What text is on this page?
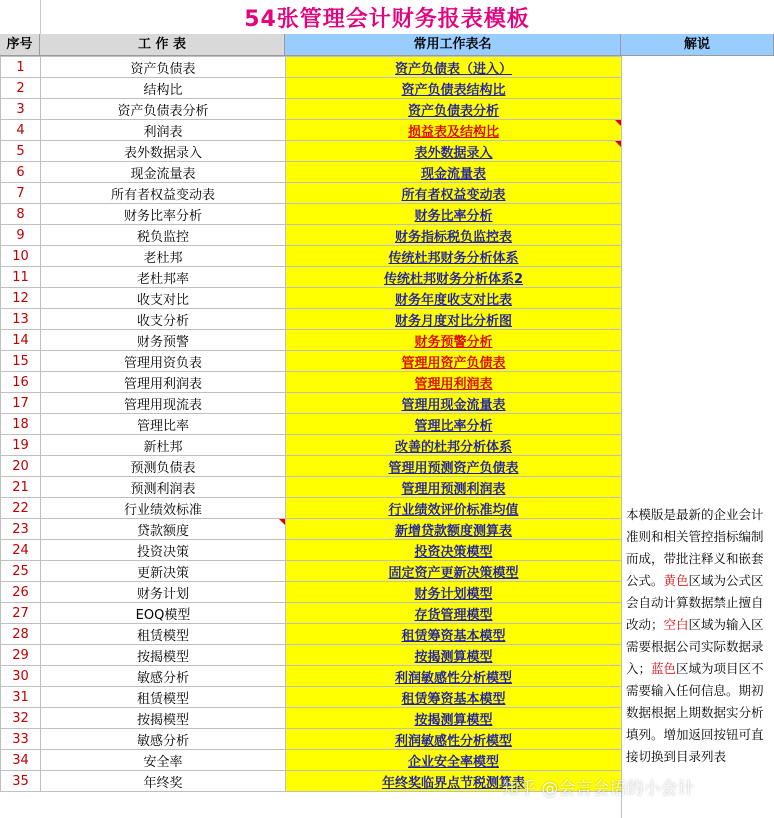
54张管理会计财务报表模板
序号	工 作 表	常用工作表名	解说
1	资产负债表	资产负债表（进入）
2	结构比	资产负债表结构比
3	资产负债表分析	资产负债表分析
4	利润表	损益表及结构比

5	表外数据录入	表外数据录入

6	现金流量表	现金流量表
7	所有者权益变动表	所有者权益变动表
8	财务比率分析	财务比率分析
9	税负监控	财务指标税负监控表
10	老杜邦	传统杜邦财务分析体系
11	老杜邦率	传统杜邦财务分析体系2
12	收支对比	财务年度收支对比表
13	收支分析	财务月度对比分析图
14	财务预警	财务预警分析
15	管理用资负表	管理用资产负债表
16	管理用利润表	管理用利润表
17	管理用现流表	管理用现金流量表
18	管理比率	管理比率分析
19	新杜邦	改善的杜邦分析体系
20	预测负债表	管理用预测资产负债表
21	预测利润表	管理用预测利润表
22	行业绩效标准	行业绩效评价标准均值
23	贷款额度	新增贷款额度测算表
24	投资决策	投资决策模型
25	更新决策	固定资产更新决策模型
26	财务计划	财务计划模型
27	EOQ模型	存货管理模型
28	租赁模型	租赁筹资基本模型
29	按揭模型	按揭测算模型
30	敏感分析	利润敏感性分析模型
31	租赁模型	租赁筹资基本模型
32	按揭模型	按揭测算模型
33	敏感分析	利润敏感性分析模型
34	安全率	企业安全率模型
35	年终奖	年终奖临界点节税测算表

本模版是最新的企业会计准则和相关管控指标编制而成，带批注释义和嵌套公式。黄色区域为公式区会自动计算数据禁止擅自改动；空白区域为输入区需要根据公司实际数据录入；蓝色区域为项目区不需要输入任何信息。期初数据根据上期数据实分析填列。增加返回按钮可直接切换到目录列表

知乎 @会言会语的小会计
